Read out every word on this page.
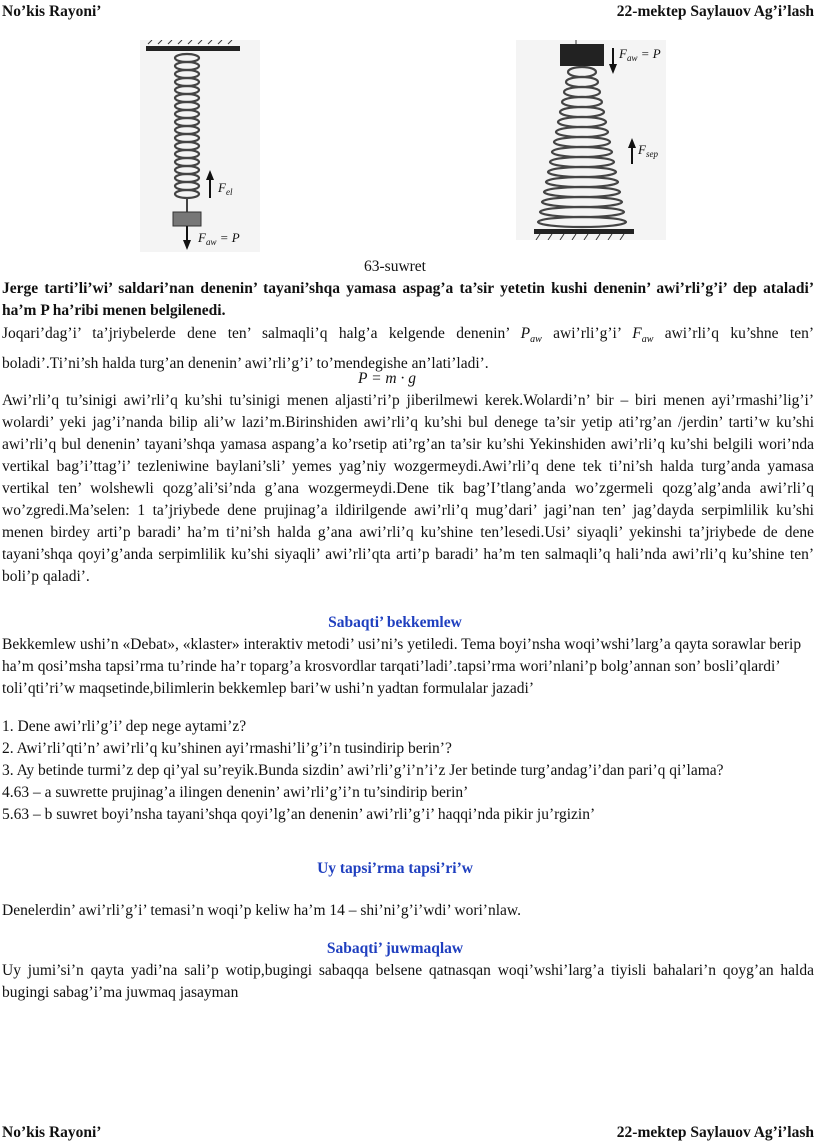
No’kis Rayoni’	22-mektep Saylauov Ag’i’lash
$F_{el}$
$F_{aw} = P$
$F_{aw} = P$
$F_{sep}$
63-suwret
Jerge tarti’li’wi’ saldari’nan denenin’ tayani’shqa yamasa aspag’a ta’sir yetetin kushi denenin’ awi’rli’g’i’ dep ataladi’ ha’m P ha’ribi menen belgilenedi.
Joqari’dag’i’ ta’jriybelerde dene ten’ salmaqli’q halg’a kelgende denenin’ $P_{aw}$ awi’rli’g’i’ $F_{aw}$ awi’rli’q ku’shne ten’ boladi’.Ti’ni’sh halda turg’an denenin’ awi’rli’g’i’ to’mendegishe an’lati’ladi’.
P = m · g
Awi’rli’q tu’sinigi awi’rli’q ku’shi tu’sinigi menen aljasti’ri’p jiberilmewi kerek.Wolardi’n’ bir – biri menen ayi’rmashi’lig’i’ wolardi’ yeki jag’i’nanda bilip ali’w lazi’m.Birinshiden awi’rli’q ku’shi bul denege ta’sir yetip ati’rg’an /jerdin’ tarti’w ku’shi awi’rli’q bul denenin’ tayani’shqa yamasa aspang’a ko’rsetip ati’rg’an ta’sir ku’shi Yekinshiden awi’rli’q ku’shi belgili wori’nda vertikal bag’i’ttag’i’ tezleniwine baylani’sli’ yemes yag’niy wozgermeydi.Awi’rli’q dene tek ti’ni’sh halda turg’anda yamasa vertikal ten’ wolshewli qozg’ali’si’nda g’ana wozgermeydi.Dene tik bag’I’tlang’anda wo’zgermeli qozg’alg’anda awi’rli’q wo’zgredi.Ma’selen: 1 ta’jriybede dene prujinag’a ildirilgende awi’rli’q mug’dari’ jagi’nan ten’ jag’dayda serpimlilik ku’shi menen birdey arti’p baradi’ ha’m ti’ni’sh halda g’ana awi’rli’q ku’shine ten’lesedi.Usi’ siyaqli’ yekinshi ta’jriybede de dene tayani’shqa qoyi’g’anda serpimlilik ku’shi siyaqli’ awi’rli’qta arti’p baradi’ ha’m ten salmaqli’q hali’nda awi’rli’q ku’shine ten’ boli’p qaladi’.
Sabaqti’ bekkemlew
Bekkemlew ushi’n «Debat», «klaster» interaktiv metodi’ usi’ni’s yetiledi. Tema boyi’nsha woqi’wshi’larg’a qayta sorawlar berip ha’m qosi’msha tapsi’rma tu’rinde ha’r toparg’a krosvordlar tarqati’ladi’.tapsi’rma wori’nlani’p bolg’annan son’ bosli’qlardi’ toli’qti’ri’w maqsetinde,bilimlerin bekkemlep bari’w ushi’n yadtan formulalar jazadi’
1. Dene awi’rli’g’i’ dep nege aytami’z?
2. Awi’rli’qti’n’ awi’rli’q ku’shinen ayi’rmashi’li’g’i’n tusindirip berin’?
3. Ay betinde turmi’z dep qi’yal su’reyik.Bunda sizdin’ awi’rli’g’i’n’i’z Jer betinde turg’andag’i’dan pari’q qi’lama?
4.63 – a suwrette prujinag’a ilingen denenin’ awi’rli’g’i’n tu’sindirip berin’
5.63 – b suwret boyi’nsha tayani’shqa qoyi’lg’an denenin’ awi’rli’g’i’ haqqi’nda pikir ju’rgizin’
Uy tapsi’rma tapsi’ri’w
Denelerdin’ awi’rli’g’i’ temasi’n woqi’p keliw ha’m 14 – shi’ni’g’i’wdi’ wori’nlaw.
Sabaqti’ juwmaqlaw
Uy jumi’si’n qayta yadi’na sali’p wotip,bugingi sabaqqa belsene qatnasqan woqi’wshi’larg’a tiyisli bahalari’n qoyg’an halda bugingi sabag’i’ma juwmaq jasayman
No’kis Rayoni’	22-mektep Saylauov Ag’i’lash
